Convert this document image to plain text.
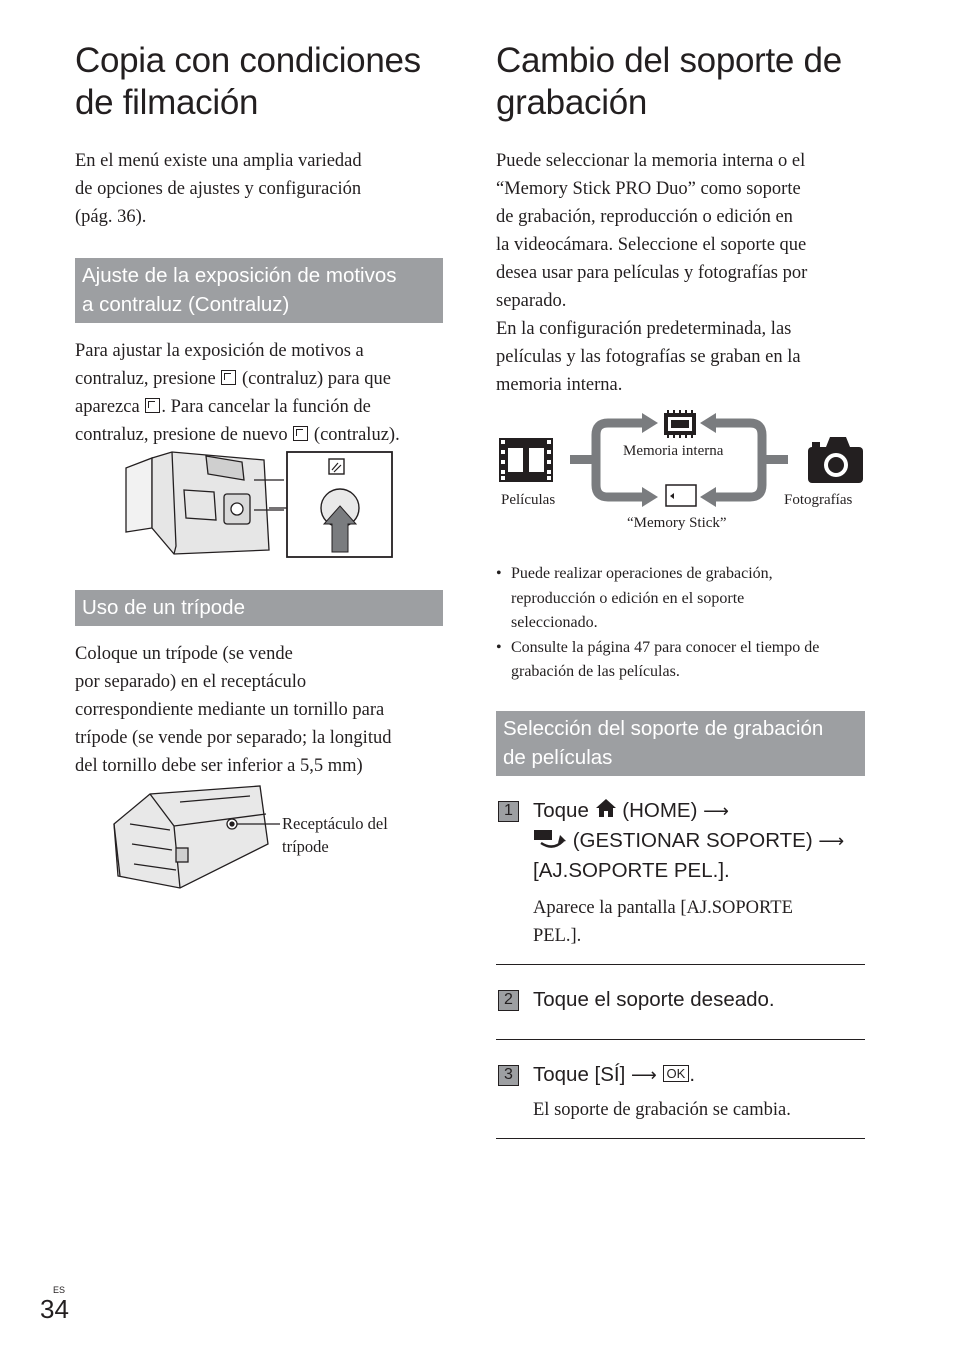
Copia con condiciones
de filmación

En el menú existe una amplia variedad
de opciones de ajustes y configuración
(pág. 36).

Ajuste de la exposición de motivos
a contraluz (Contraluz)

Para ajustar la exposición de motivos a
contraluz, presione (contraluz) para que
aparezca . Para cancelar la función de
contraluz, presione de nuevo (contraluz).

Uso de un trípode

Coloque un trípode (se vende
por separado) en el receptáculo
correspondiente mediante un tornillo para
trípode (se vende por separado; la longitud
del tornillo debe ser inferior a 5,5 mm)

Receptáculo del
trípode
Cambio del soporte de
grabación

Puede seleccionar la memoria interna o el
“Memory Stick PRO Duo” como soporte
de grabación, reproducción o edición en
la videocámara. Seleccione el soporte que
desea usar para películas y fotografías por
separado.
En la configuración predeterminada, las
películas y las fotografías se graban en la
memoria interna.

Memoria interna
Películas	Fotografías
“Memory Stick”
• Puede realizar operaciones de grabación,
reproducción o edición en el soporte
seleccionado.
• Consulte la página 47 para conocer el tiempo de
grabación de las películas.
Selección del soporte de grabación
de películas
1 Toque (HOME) ⟶
(GESTIONAR SOPORTE) ⟶
[AJ.SOPORTE PEL.].
Aparece la pantalla [AJ.SOPORTE
PEL.].
2 Toque el soporte deseado.
3 Toque [SÍ] ⟶ OK .
El soporte de grabación se cambia.
ES
34
